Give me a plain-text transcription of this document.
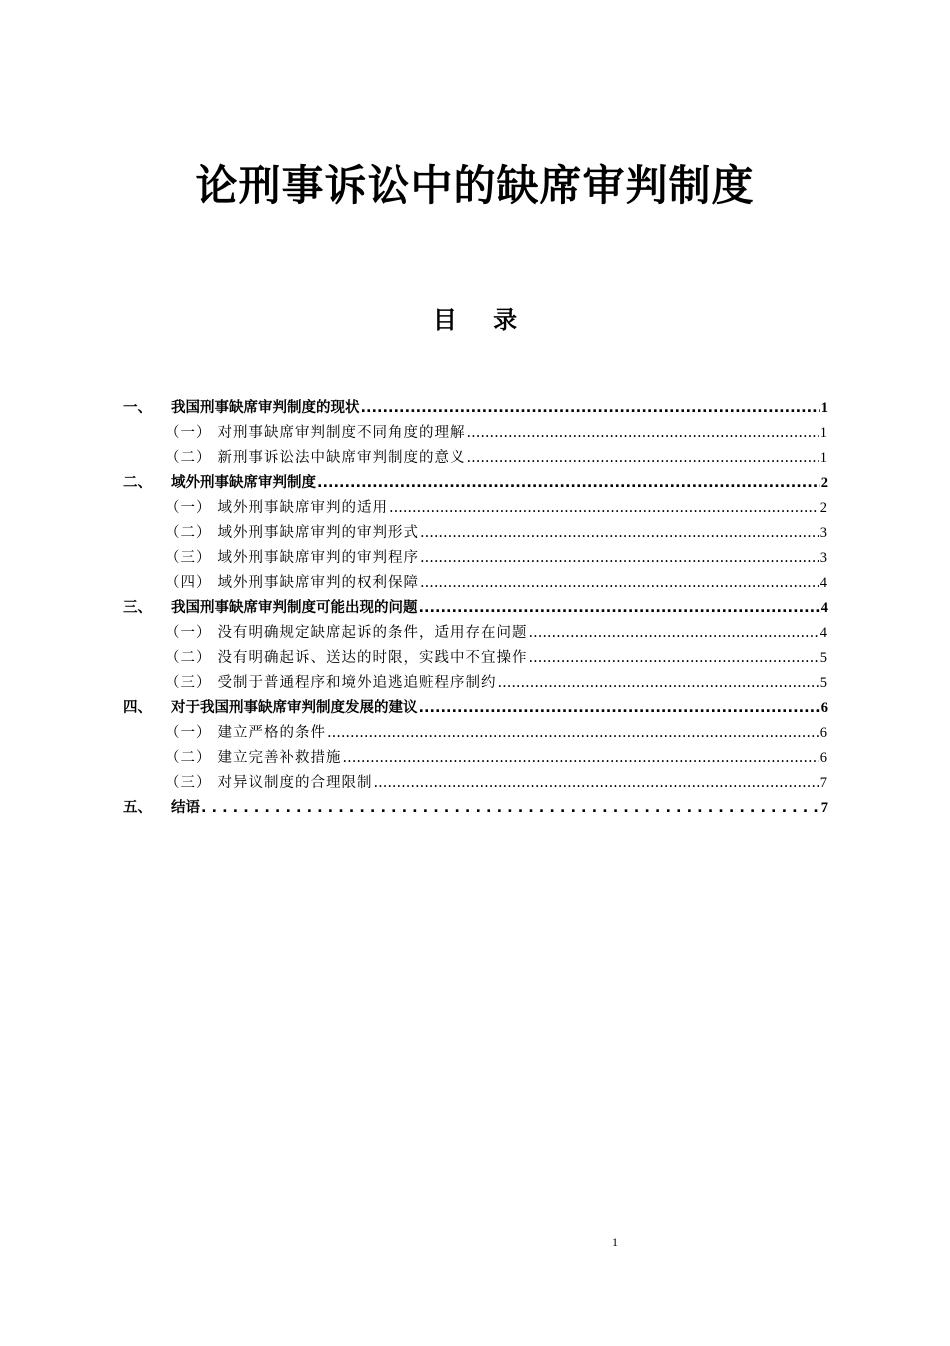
论刑事诉讼中的缺席审判制度
目 录
一、	我国刑事缺席审判制度的现状 .....	1
（一） 对刑事缺席审判制度不同角度的理解 .....	1
（二） 新刑事诉讼法中缺席审判制度的意义 .....	1
二、	域外刑事缺席审判制度 .....	2
（一） 域外刑事缺席审判的适用 .....	2
（二） 域外刑事缺席审判的审判形式 .....	3
（三） 域外刑事缺席审判的审判程序 .....	3
（四） 域外刑事缺席审判的权利保障 .....	4
三、	我国刑事缺席审判制度可能出现的问题 .....	4
（一） 没有明确规定缺席起诉的条件，适用存在问题 .....	4
（二） 没有明确起诉、送达的时限，实践中不宜操作 .....	5
（三） 受制于普通程序和境外追逃追赃程序制约 .....	5
四、	对于我国刑事缺席审判制度发展的建议 .....	6
（一） 建立严格的条件 .....	6
（二） 建立完善补救措施 .....	6
（三） 对异议制度的合理限制 .....	7
五、	结语 . . .	7
1
